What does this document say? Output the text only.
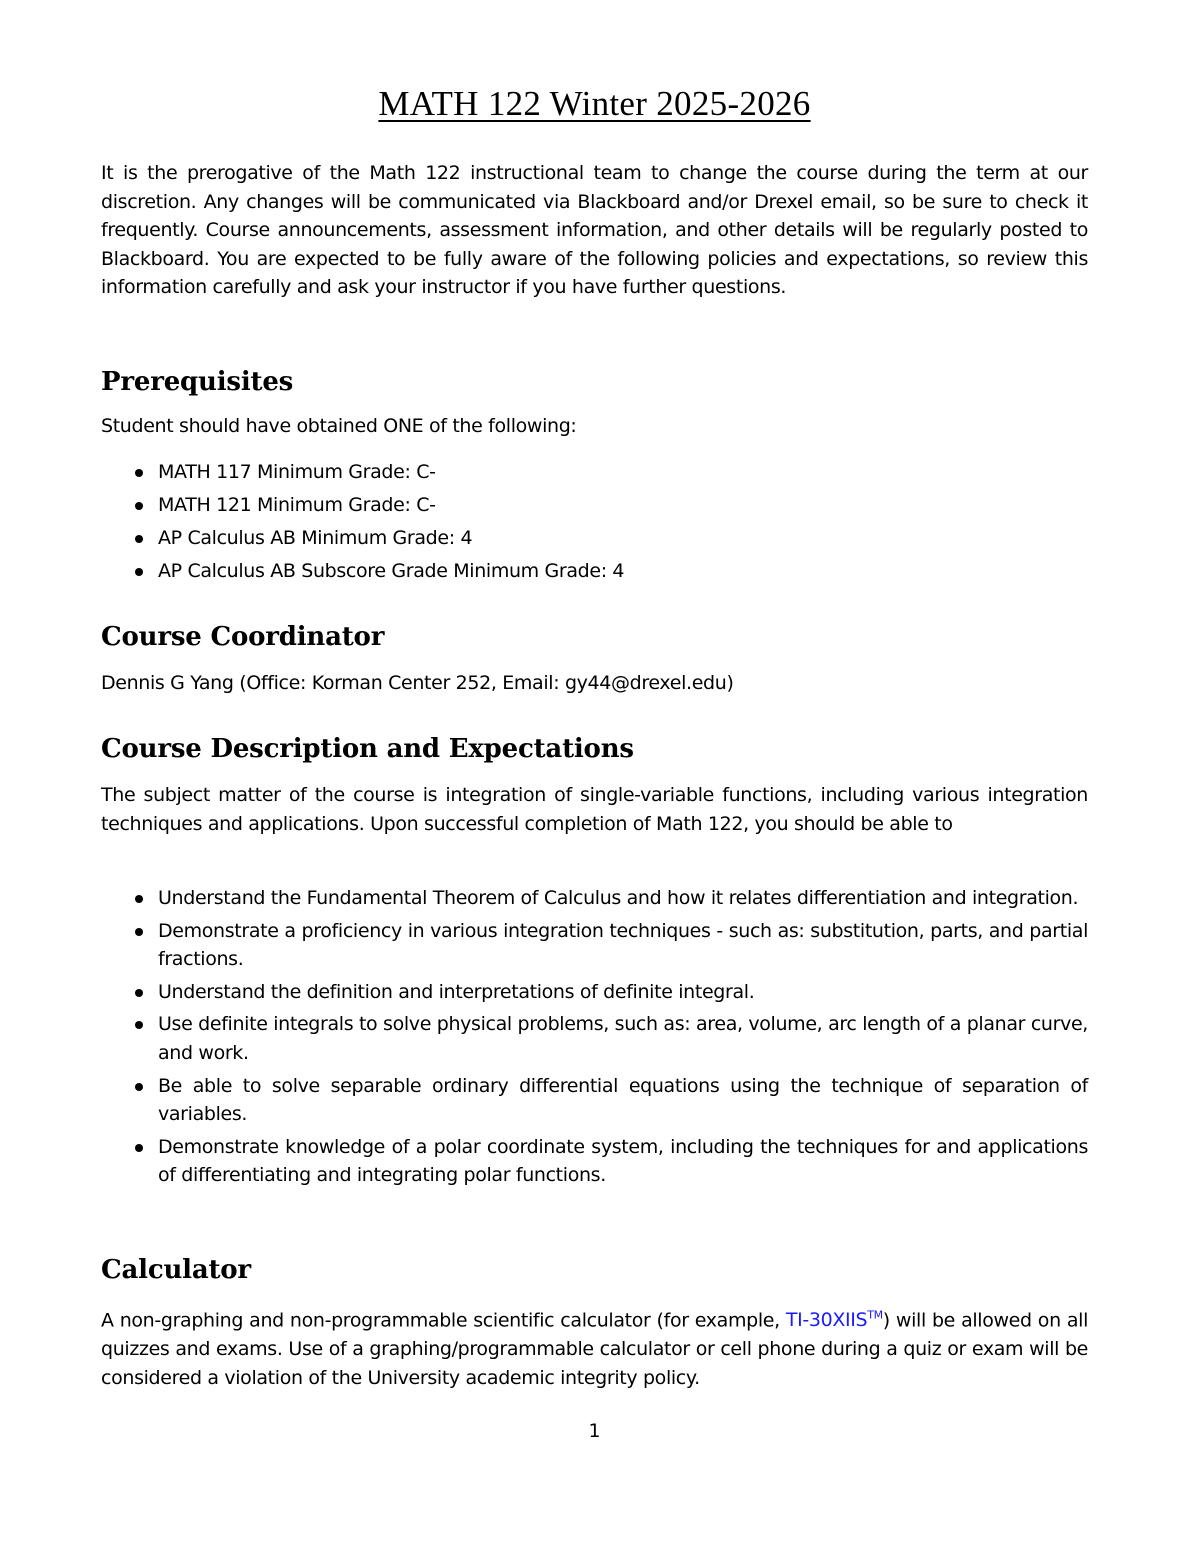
MATH 122 Winter 2025-2026
It is the prerogative of the Math 122 instructional team to change the course during the term at our discretion. Any changes will be communicated via Blackboard and/or Drexel email, so be sure to check it frequently. Course announcements, assessment information, and other details will be regularly posted to Blackboard. You are expected to be fully aware of the following policies and expectations, so review this information carefully and ask your instructor if you have further questions.
Prerequisites
Student should have obtained ONE of the following:
MATH 117 Minimum Grade: C-
MATH 121 Minimum Grade: C-
AP Calculus AB Minimum Grade: 4
AP Calculus AB Subscore Grade Minimum Grade: 4
Course Coordinator
Dennis G Yang (Office: Korman Center 252, Email: gy44@drexel.edu)
Course Description and Expectations
The subject matter of the course is integration of single-variable functions, including various integration techniques and applications. Upon successful completion of Math 122, you should be able to
Understand the Fundamental Theorem of Calculus and how it relates differentiation and integration.
Demonstrate a proficiency in various integration techniques - such as: substitution, parts, and partial fractions.
Understand the definition and interpretations of definite integral.
Use definite integrals to solve physical problems, such as: area, volume, arc length of a planar curve, and work.
Be able to solve separable ordinary differential equations using the technique of separation of variables.
Demonstrate knowledge of a polar coordinate system, including the techniques for and applications of differentiating and integrating polar functions.
Calculator
A non-graphing and non-programmable scientific calculator (for example, TI-30XIIS™) will be allowed on all quizzes and exams. Use of a graphing/programmable calculator or cell phone during a quiz or exam will be considered a violation of the University academic integrity policy.
1
